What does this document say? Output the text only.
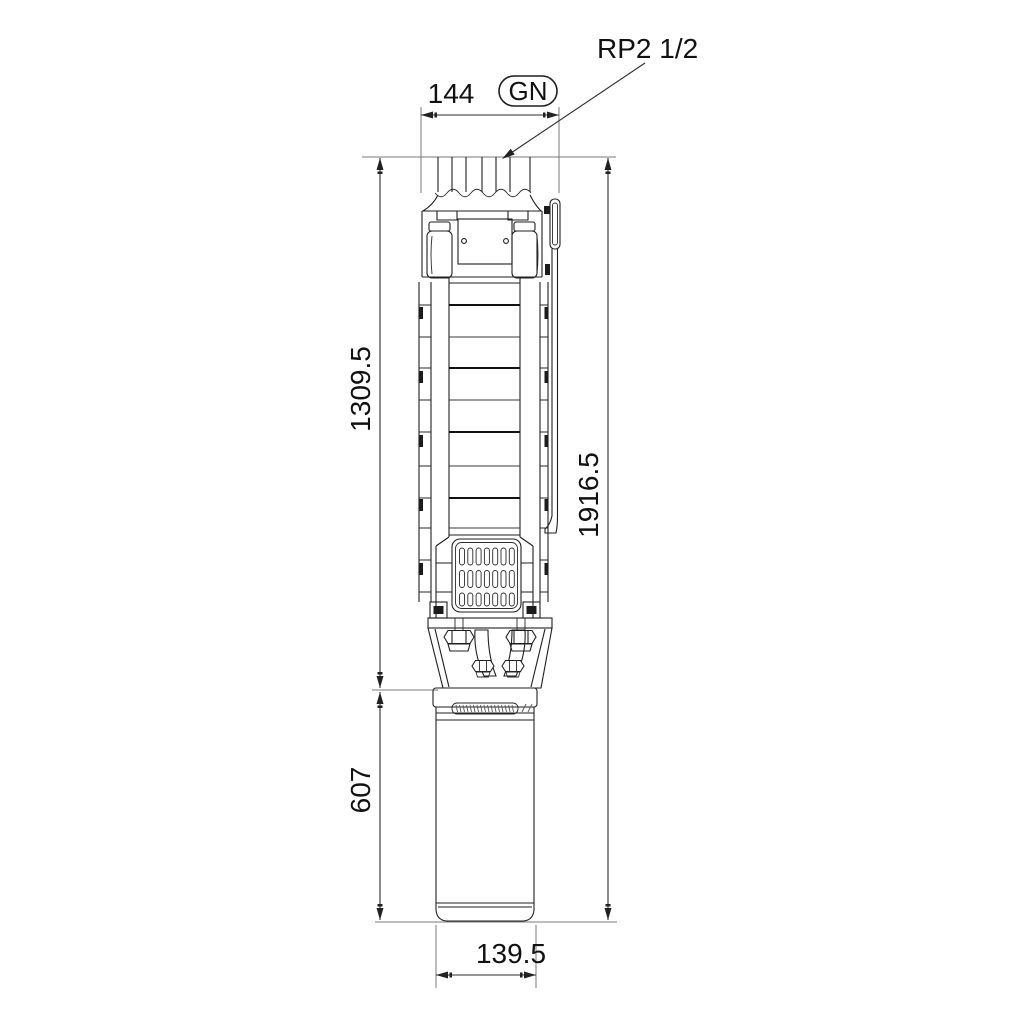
144 GN
RP2 1/2
1309.5
1916.5
607
139.5
